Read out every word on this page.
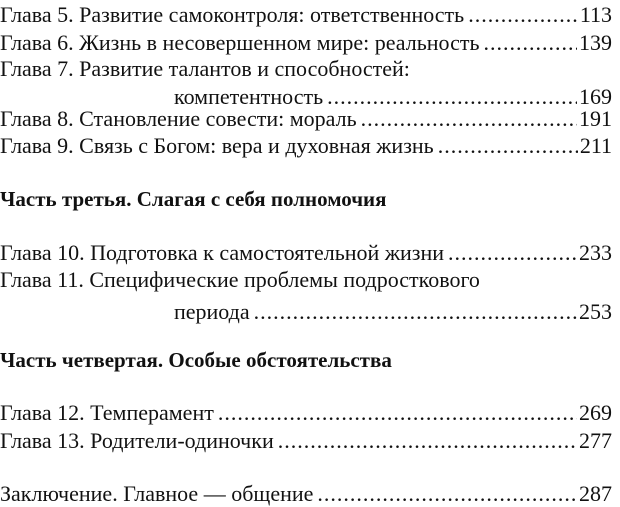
Глава 5. Развитие самоконтроля: ответственность .....	113
Глава 6. Жизнь в несовершенном мире: реальность .....	139
Глава 7. Развитие талантов и способностей:
компетентность .....	169
Глава 8. Становление совести: мораль .....	191
Глава 9. Связь с Богом: вера и духовная жизнь .....	211
Часть третья. Слагая с себя полномочия
Глава 10. Подготовка к самостоятельной жизни .....	233
Глава 11. Специфические проблемы подросткового
периода .....	253
Часть четвертая. Особые обстоятельства
Глава 12. Темперамент .....	269
Глава 13. Родители-одиночки .....	277
Заключение. Главное — общение .....	287
